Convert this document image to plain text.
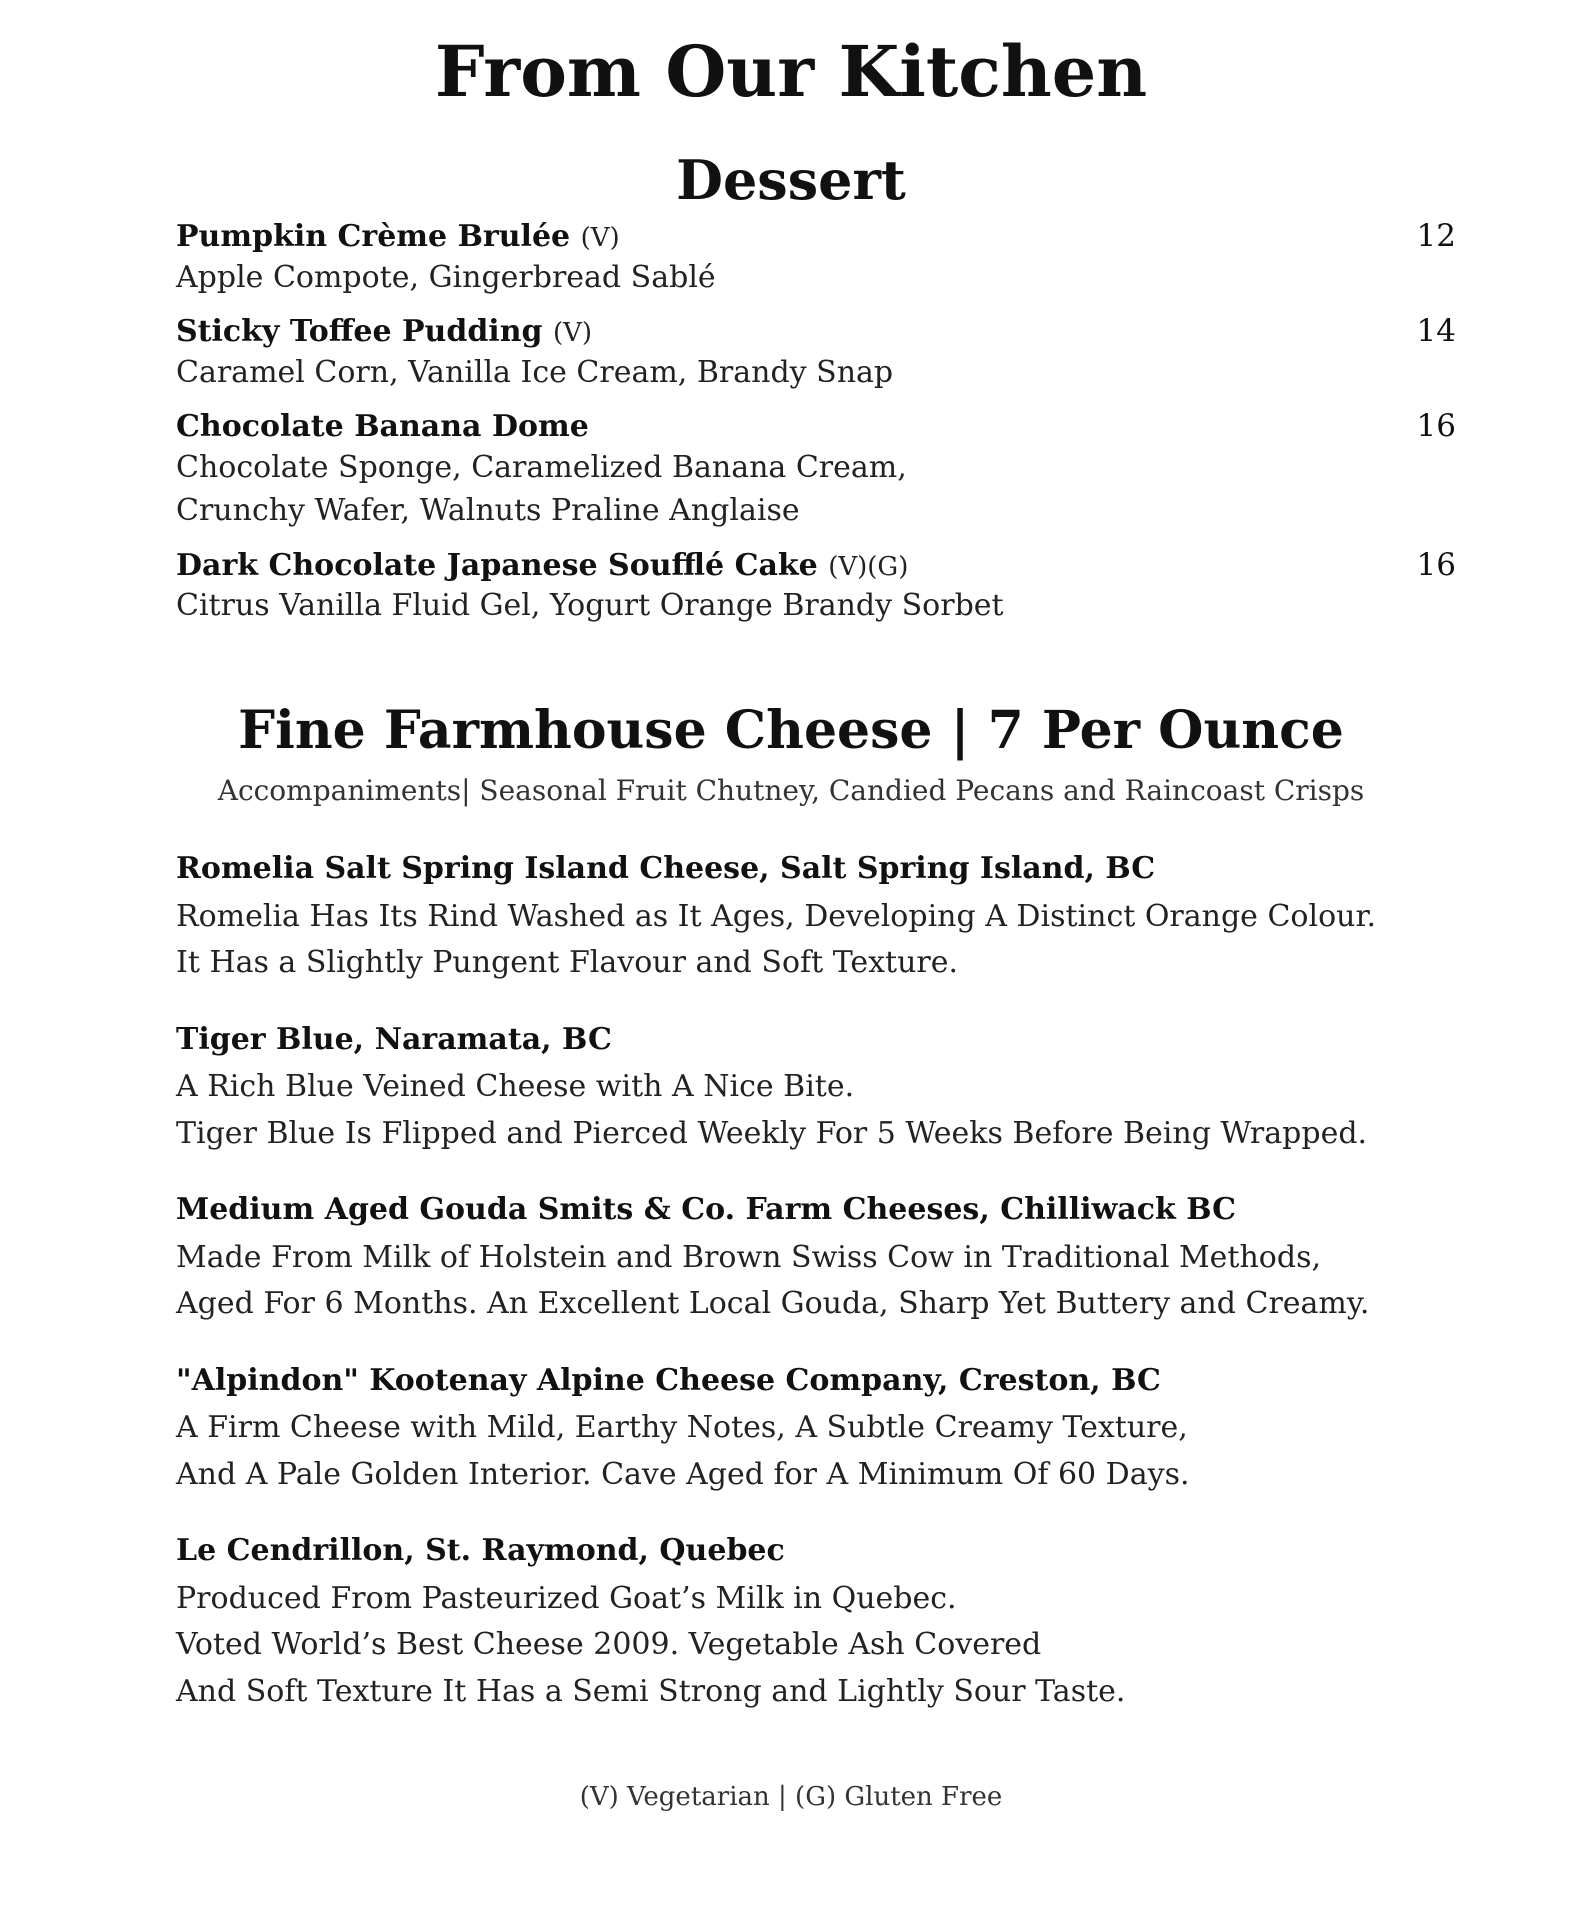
From Our Kitchen
Dessert
Pumpkin Crème Brulée (V)	12
Apple Compote, Gingerbread Sablé
Sticky Toffee Pudding (V)	14
Caramel Corn, Vanilla Ice Cream, Brandy Snap
Chocolate Banana Dome	16
Chocolate Sponge, Caramelized Banana Cream,
Crunchy Wafer, Walnuts Praline Anglaise
Dark Chocolate Japanese Soufflé Cake (V)(G)	16
Citrus Vanilla Fluid Gel, Yogurt Orange Brandy Sorbet
Fine Farmhouse Cheese | 7 Per Ounce
Accompaniments| Seasonal Fruit Chutney, Candied Pecans and Raincoast Crisps
Romelia Salt Spring Island Cheese, Salt Spring Island, BC
Romelia Has Its Rind Washed as It Ages, Developing A Distinct Orange Colour.
It Has a Slightly Pungent Flavour and Soft Texture.
Tiger Blue, Naramata, BC
A Rich Blue Veined Cheese with A Nice Bite.
Tiger Blue Is Flipped and Pierced Weekly For 5 Weeks Before Being Wrapped.
Medium Aged Gouda Smits & Co. Farm Cheeses, Chilliwack BC
Made From Milk of Holstein and Brown Swiss Cow in Traditional Methods,
Aged For 6 Months. An Excellent Local Gouda, Sharp Yet Buttery and Creamy.
"Alpindon" Kootenay Alpine Cheese Company, Creston, BC
A Firm Cheese with Mild, Earthy Notes, A Subtle Creamy Texture,
And A Pale Golden Interior. Cave Aged for A Minimum Of 60 Days.
Le Cendrillon, St. Raymond, Quebec
Produced From Pasteurized Goat’s Milk in Quebec.
Voted World’s Best Cheese 2009. Vegetable Ash Covered
And Soft Texture It Has a Semi Strong and Lightly Sour Taste.
(V) Vegetarian | (G) Gluten Free
